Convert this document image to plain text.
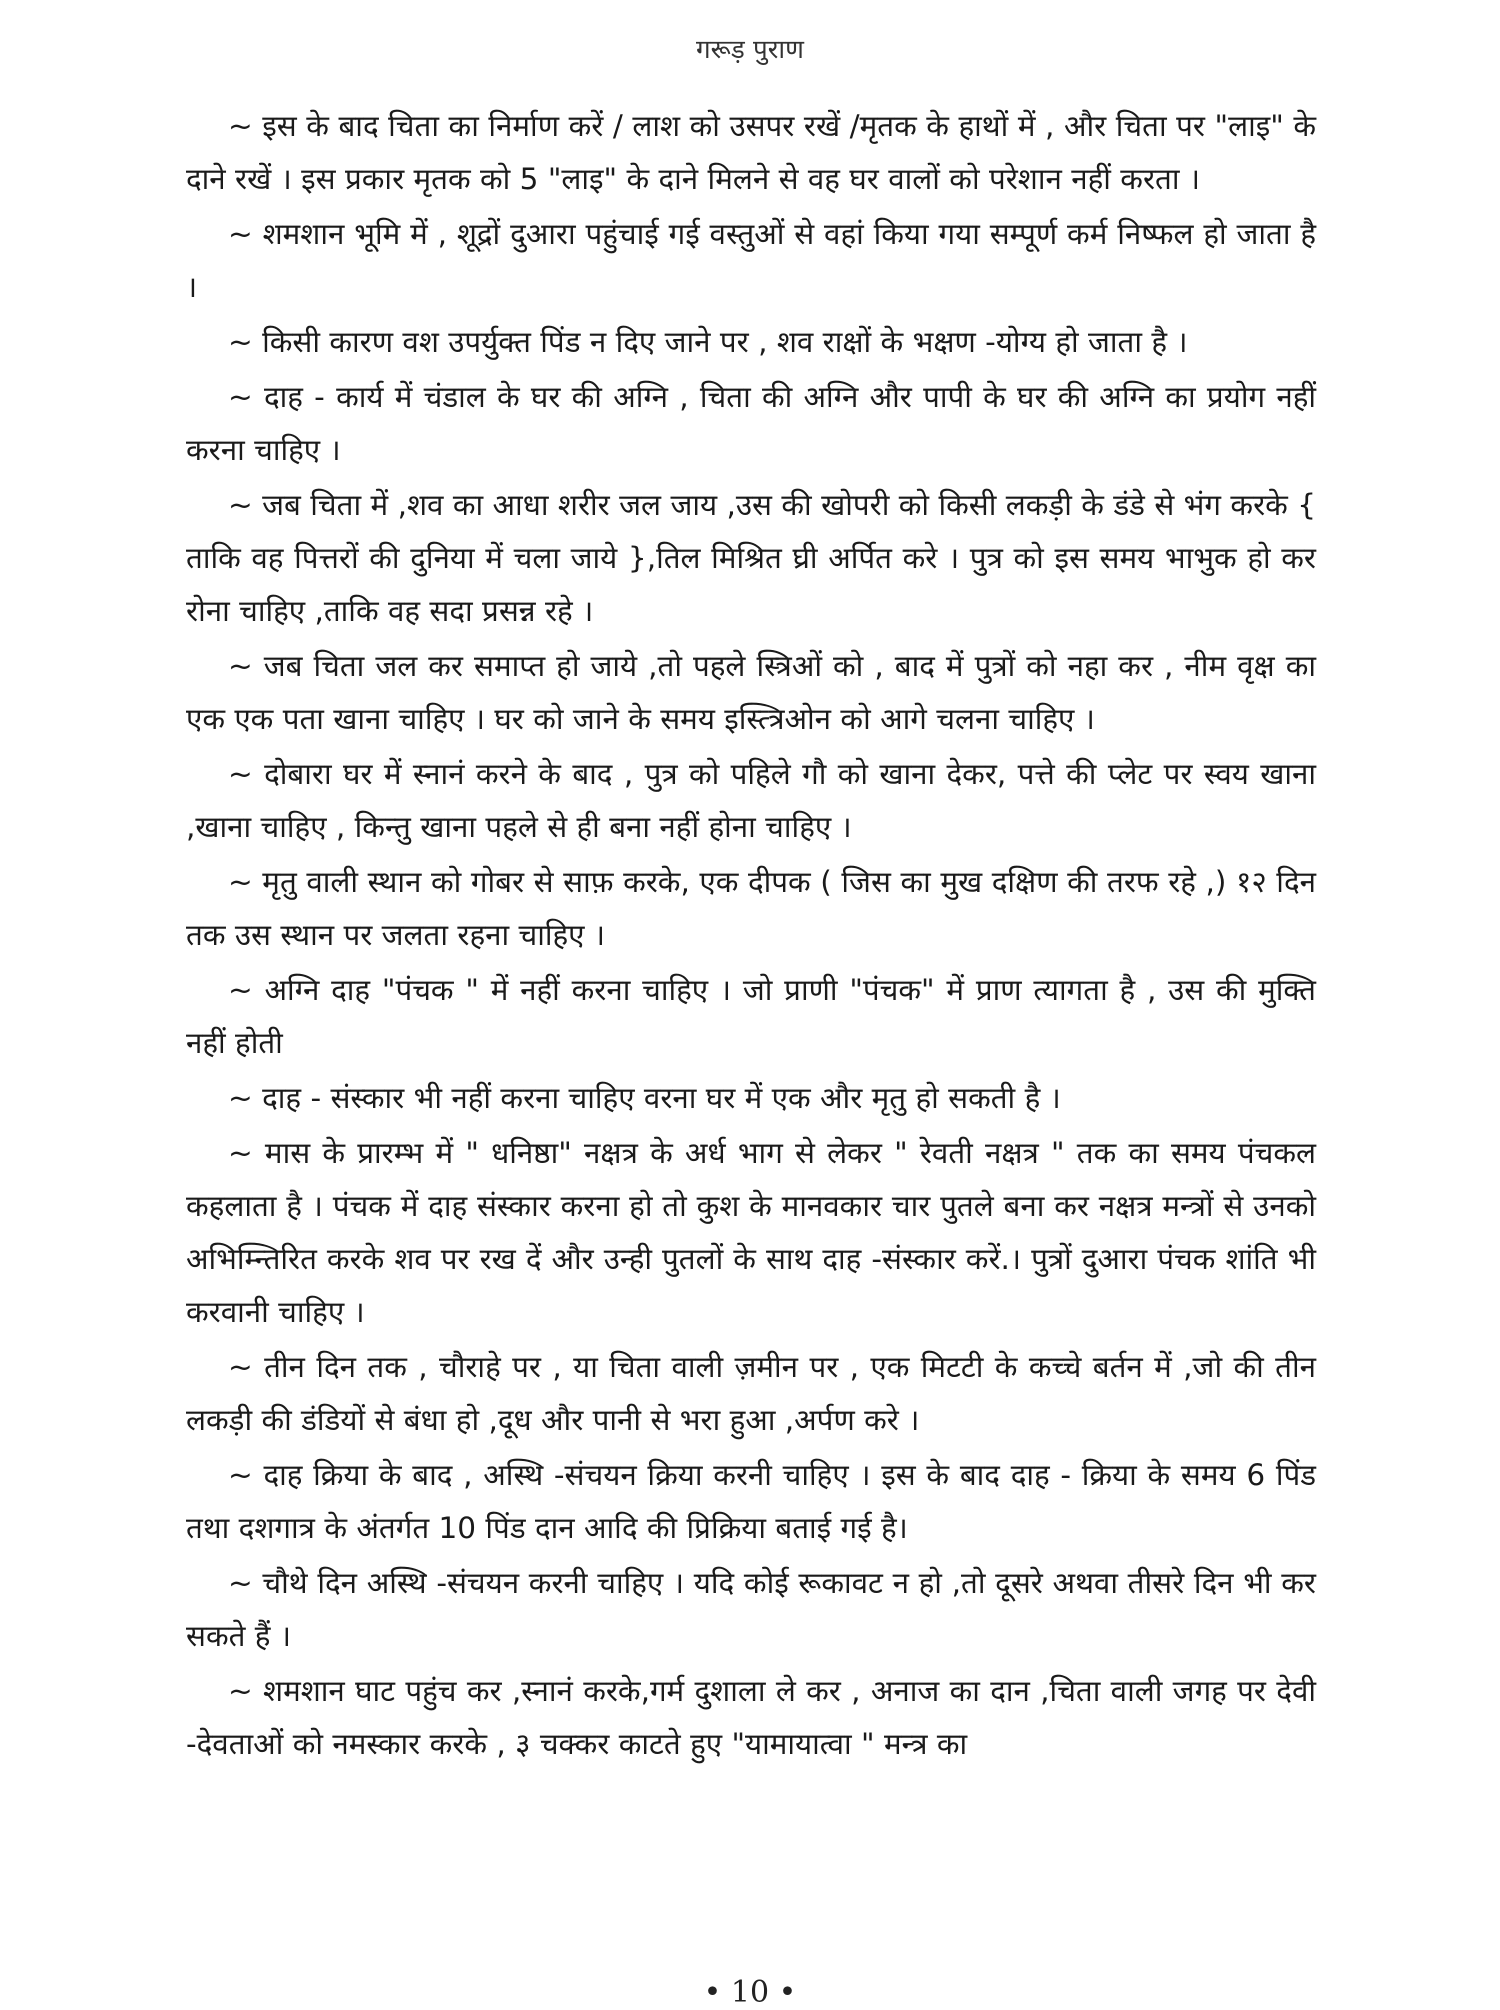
गरूड़ पुराण

~ इस के बाद चिता का निर्माण करें / लाश को उसपर रखें /मृतक के हाथों में , और चिता पर "लाइ" के दाने रखें । इस प्रकार मृतक को 5 "लाइ" के दाने मिलने से वह घर वालों को परेशान नहीं करता ।

~ शमशान भूमि में , शूद्रों दुआरा पहुंचाई गई वस्तुओं से वहां किया गया सम्पूर्ण कर्म निष्फल हो जाता है ।

~ किसी कारण वश उपर्युक्त पिंड न दिए जाने पर , शव राक्षों के भक्षण -योग्य हो जाता है ।

~ दाह - कार्य में चंडाल के घर की अग्नि , चिता की अग्नि और पापी के घर की अग्नि का प्रयोग नहीं करना चाहिए ।

~ जब चिता में ,शव का आधा शरीर जल जाय ,उस की खोपरी को किसी लकड़ी के डंडे से भंग करके { ताकि वह पित्तरों की दुनिया में चला जाये },तिल मिश्रित घ्री अर्पित करे । पुत्र को इस समय भाभुक हो कर रोना चाहिए ,ताकि वह सदा प्रसन्न रहे ।

~ जब चिता जल कर समाप्त हो जाये ,तो पहले स्त्रिओं को , बाद में पुत्रों को नहा कर , नीम वृक्ष का एक एक पता खाना चाहिए । घर को जाने के समय इस्त्त्रिओन को आगे चलना चाहिए ।

~ दोबारा घर में स्नानं करने के बाद , पुत्र को पहिले गौ को खाना देकर, पत्ते की प्लेट पर स्वय खाना ,खाना चाहिए , किन्तु खाना पहले से ही बना नहीं होना चाहिए ।

~ मृतु वाली स्थान को गोबर से साफ़ करके, एक दीपक ( जिस का मुख दक्षिण की तरफ रहे ,) १२ दिन तक उस स्थान पर जलता रहना चाहिए ।

~ अग्नि दाह "पंचक " में नहीं करना चाहिए । जो प्राणी "पंचक" में प्राण त्यागता है , उस की मुक्ति नहीं होती

~ दाह - संस्कार भी नहीं करना चाहिए वरना घर में एक और मृतु हो सकती है ।

~ मास के प्रारम्भ में " धनिष्ठा" नक्षत्र के अर्ध भाग से लेकर " रेवती नक्षत्र " तक का समय पंचकल कहलाता है । पंचक में दाह संस्कार करना हो तो कुश के मानवकार चार पुतले बना कर नक्षत्र मन्त्रों से उनको अभिम्न्तिरित करके शव पर रख दें और उन्ही पुतलों के साथ दाह -संस्कार करें.। पुत्रों दुआरा पंचक शांति भी करवानी चाहिए ।

~ तीन दिन तक , चौराहे पर , या चिता वाली ज़मीन पर , एक मिटटी के कच्चे बर्तन में ,जो की तीन लकड़ी की डंडियों से बंधा हो ,दूध और पानी से भरा हुआ ,अर्पण करे ।

~ दाह क्रिया के बाद , अस्थि -संचयन क्रिया करनी चाहिए । इस के बाद दाह - क्रिया के समय 6 पिंड तथा दशगात्र के अंतर्गत 10 पिंड दान आदि की प्रिक्रिया बताई गई है।

~ चौथे दिन अस्थि -संचयन करनी चाहिए । यदि कोई रूकावट न हो ,तो दूसरे अथवा तीसरे दिन भी कर सकते हैं ।

~ शमशान घाट पहुंच कर ,स्नानं करके,गर्म दुशाला ले कर , अनाज का दान ,चिता वाली जगह पर देवी -देवताओं को नमस्कार करके , ३ चक्कर काटते हुए "यामायात्वा " मन्त्र का

• 10 •
